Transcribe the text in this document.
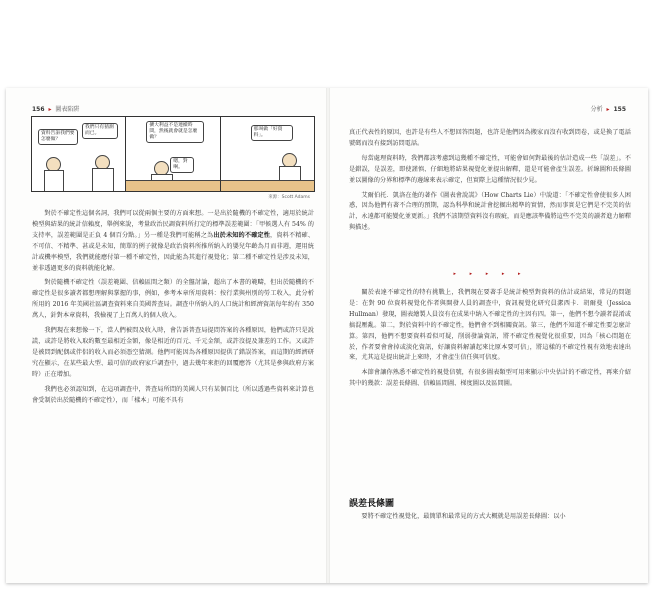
156 ▸ 圖表陷阱	分析 ▸ 155
資料告訴我們要怎麼做？
我們只有猜測而已。
擴大利益不是連續時間，然後就會就是怎麼做？
嗯，對啊。
那叫做「好資料」。
來源：Scott Adams

對於不確定性這個名詞，我們可以從兩個主要的方面來想。一是出於隨機的不確定性，適用於統計模型與結果的統計信賴度，舉例來說，考量政治民調資料所打定的標準誤差範圍：「甲候選人有 54% 的支持率，誤差範圍是正負 4 個百分點。」另一種是我們可能稱之為出於未知的不確定性，資料不精確、不可信、不精準、甚或是未知，簡單的例子就像是政治資料所推所納入的嬰兒年齡為月而非週，運用統計或機率模型，我們就能應付第一種不確定性，因此能為其進行視覺化；第二種不確定性是涉及未知，並非透過更多的資料就能化解。

對於隨機不確定性（誤差範圍、信賴區間之類）的全盤討論，超出了本書的範疇，但出於隨機的不確定性是很多讀者都想理解與掌握的事，例如，參考本章所用資料：按行業與州別的勞工收入，此分析所用的 2016 年美國社區調查資料來自美國普查局。調查中所納入的人口統計和經濟資訊每年約有 350 萬人，針對本章資料，我檢視了上百萬人的個人收入。

我們現在來想像一下，當人們被問及收入時，會告訴普查局提問答案的各種原因，他們或許只是說謊，或許是將收入取約數至最相近金額，像是相近的百元、千元金額，或許沒提及兼差的工作。又或許是被問到配偶或伴侶的收入而必須憑空猜測。他們可能因為各種原因提供了錯誤答案，而這期的經濟研究在顯示，在某些最大型、最可信的政府家戶調查中，過去幾年來拒的回覆應答（尤其是參與政府方案時）正在增加。

我們也必須認知到，在這項調查中，普查局所問的美國人只有某個百比（所以透過些資料來計算也會受制於出於隨機的不確定性），而「樣本」可能不具有

真正代表性的原因，也許是有些人不想回答問題，也許是他們因為搬家而沒有收到問卷，或是換了電話號碼而沒有接到訪問電話。

每當處理資料時，我們都該考慮到這幾種不確定性，可能會如何對最後的估計造成一些「誤差」。不是錯誤，是誤差，即使謹慎、仔細地將結果視覺化並提出解釋，還是可能會產生誤差。折線圖和長條圖並以圖像的分界和標準的邊線來表示確定，但實際上這種情況很少見。

艾爾伯托．凱洛在他的著作《圖表會說謊》（How Charts Lie）中說道：「不確定性會使很多人困惑，因為他們有著不合理的預期，認為科學和統計會挖掘出精準的實情，然而事實是它們是不完美的估計，永遠都可能變化並更新。」我們不該期望資料沒有瑕疵，而是應該準備將這些不完美的讀者進力解釋與描述。

▸ ▸ ▸ ▸ ▸

關於表達不確定性的特有挑戰上，我們現在要著手是統計模型對資料的估計或結果，常見的問題是：在對 90 位資料視覺化作者與開發人員的調查中，資訊視覺化研究員潔西卡．胡爾曼（Jessica Hullman）發現，圖表繪製人員沒有在成果中納入不確定性的主因有四。第一，他們不想令讀者混淆或搞混壓亂。第二，對於資料中的不確定性，他們會不到相關資訊。第三，他們不知道不確定性要怎麼計算。第四，他們不想要資料看似可疑，削弱發論資訊，將不確定性視覺化很重要，因為「核心問題在於，作者要會會掉或淡化資訊，好讓資料解讀起來比原本要可信」，將這樣的不確定性視有效地表達出來，尤其這是提出統計上來時，才會產生信任與可信度。

本節會讓你熟悉不確定性的視覺信號，有很多圖表類型可用來顯示中央估計的不確定性，再來介紹其中的幾款：誤差長條圖、信賴區間圖、梯度圖以及區間圖。

誤差長條圖

要將不確定性視覺化，最簡單和最常見的方式大概就是用誤差長條圖：以小
